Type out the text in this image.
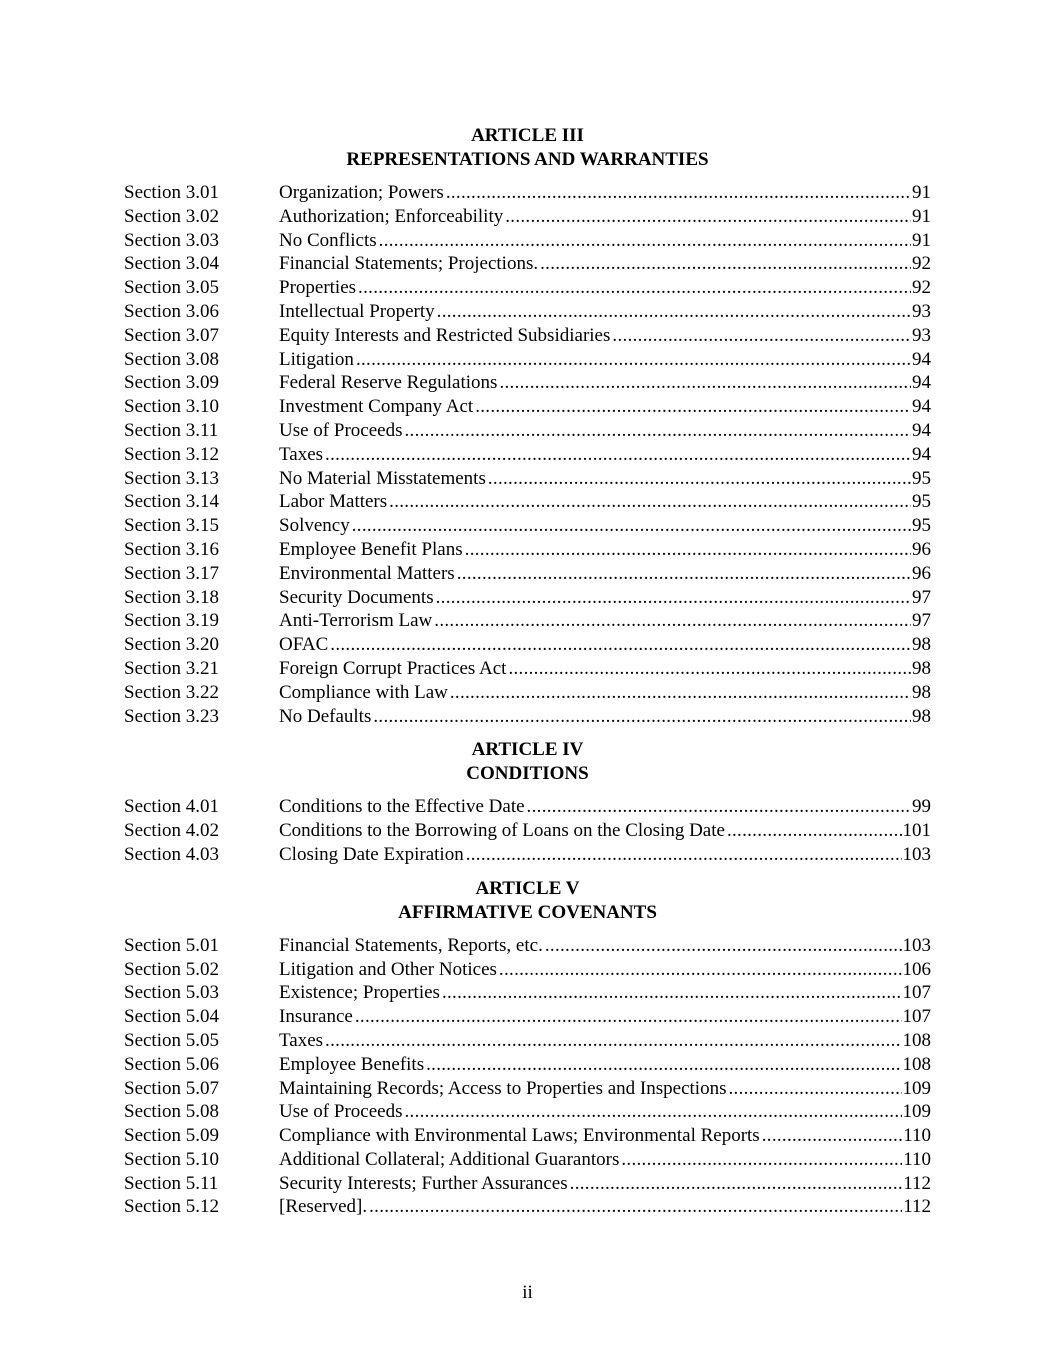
ARTICLE III
REPRESENTATIONS AND WARRANTIES
Section 3.01	Organization; Powers .....	91
Section 3.02	Authorization; Enforceability .....	91
Section 3.03	No Conflicts .....	91
Section 3.04	Financial Statements; Projections. .....	92
Section 3.05	Properties .....	92
Section 3.06	Intellectual Property .....	93
Section 3.07	Equity Interests and Restricted Subsidiaries .....	93
Section 3.08	Litigation .....	94
Section 3.09	Federal Reserve Regulations .....	94
Section 3.10	Investment Company Act .....	94
Section 3.11	Use of Proceeds .....	94
Section 3.12	Taxes .....	94
Section 3.13	No Material Misstatements .....	95
Section 3.14	Labor Matters .....	95
Section 3.15	Solvency .....	95
Section 3.16	Employee Benefit Plans .....	96
Section 3.17	Environmental Matters .....	96
Section 3.18	Security Documents .....	97
Section 3.19	Anti-Terrorism Law .....	97
Section 3.20	OFAC .....	98
Section 3.21	Foreign Corrupt Practices Act .....	98
Section 3.22	Compliance with Law .....	98
Section 3.23	No Defaults .....	98
ARTICLE IV
CONDITIONS
Section 4.01	Conditions to the Effective Date .....	99
Section 4.02	Conditions to the Borrowing of Loans on the Closing Date .....	101
Section 4.03	Closing Date Expiration .....	103
ARTICLE V
AFFIRMATIVE COVENANTS
Section 5.01	Financial Statements, Reports, etc. .....	103
Section 5.02	Litigation and Other Notices .....	106
Section 5.03	Existence; Properties .....	107
Section 5.04	Insurance .....	107
Section 5.05	Taxes .....	108
Section 5.06	Employee Benefits .....	108
Section 5.07	Maintaining Records; Access to Properties and Inspections .....	109
Section 5.08	Use of Proceeds .....	109
Section 5.09	Compliance with Environmental Laws; Environmental Reports .....	110
Section 5.10	Additional Collateral; Additional Guarantors .....	110
Section 5.11	Security Interests; Further Assurances .....	112
Section 5.12	[Reserved]. .....	112
ii
